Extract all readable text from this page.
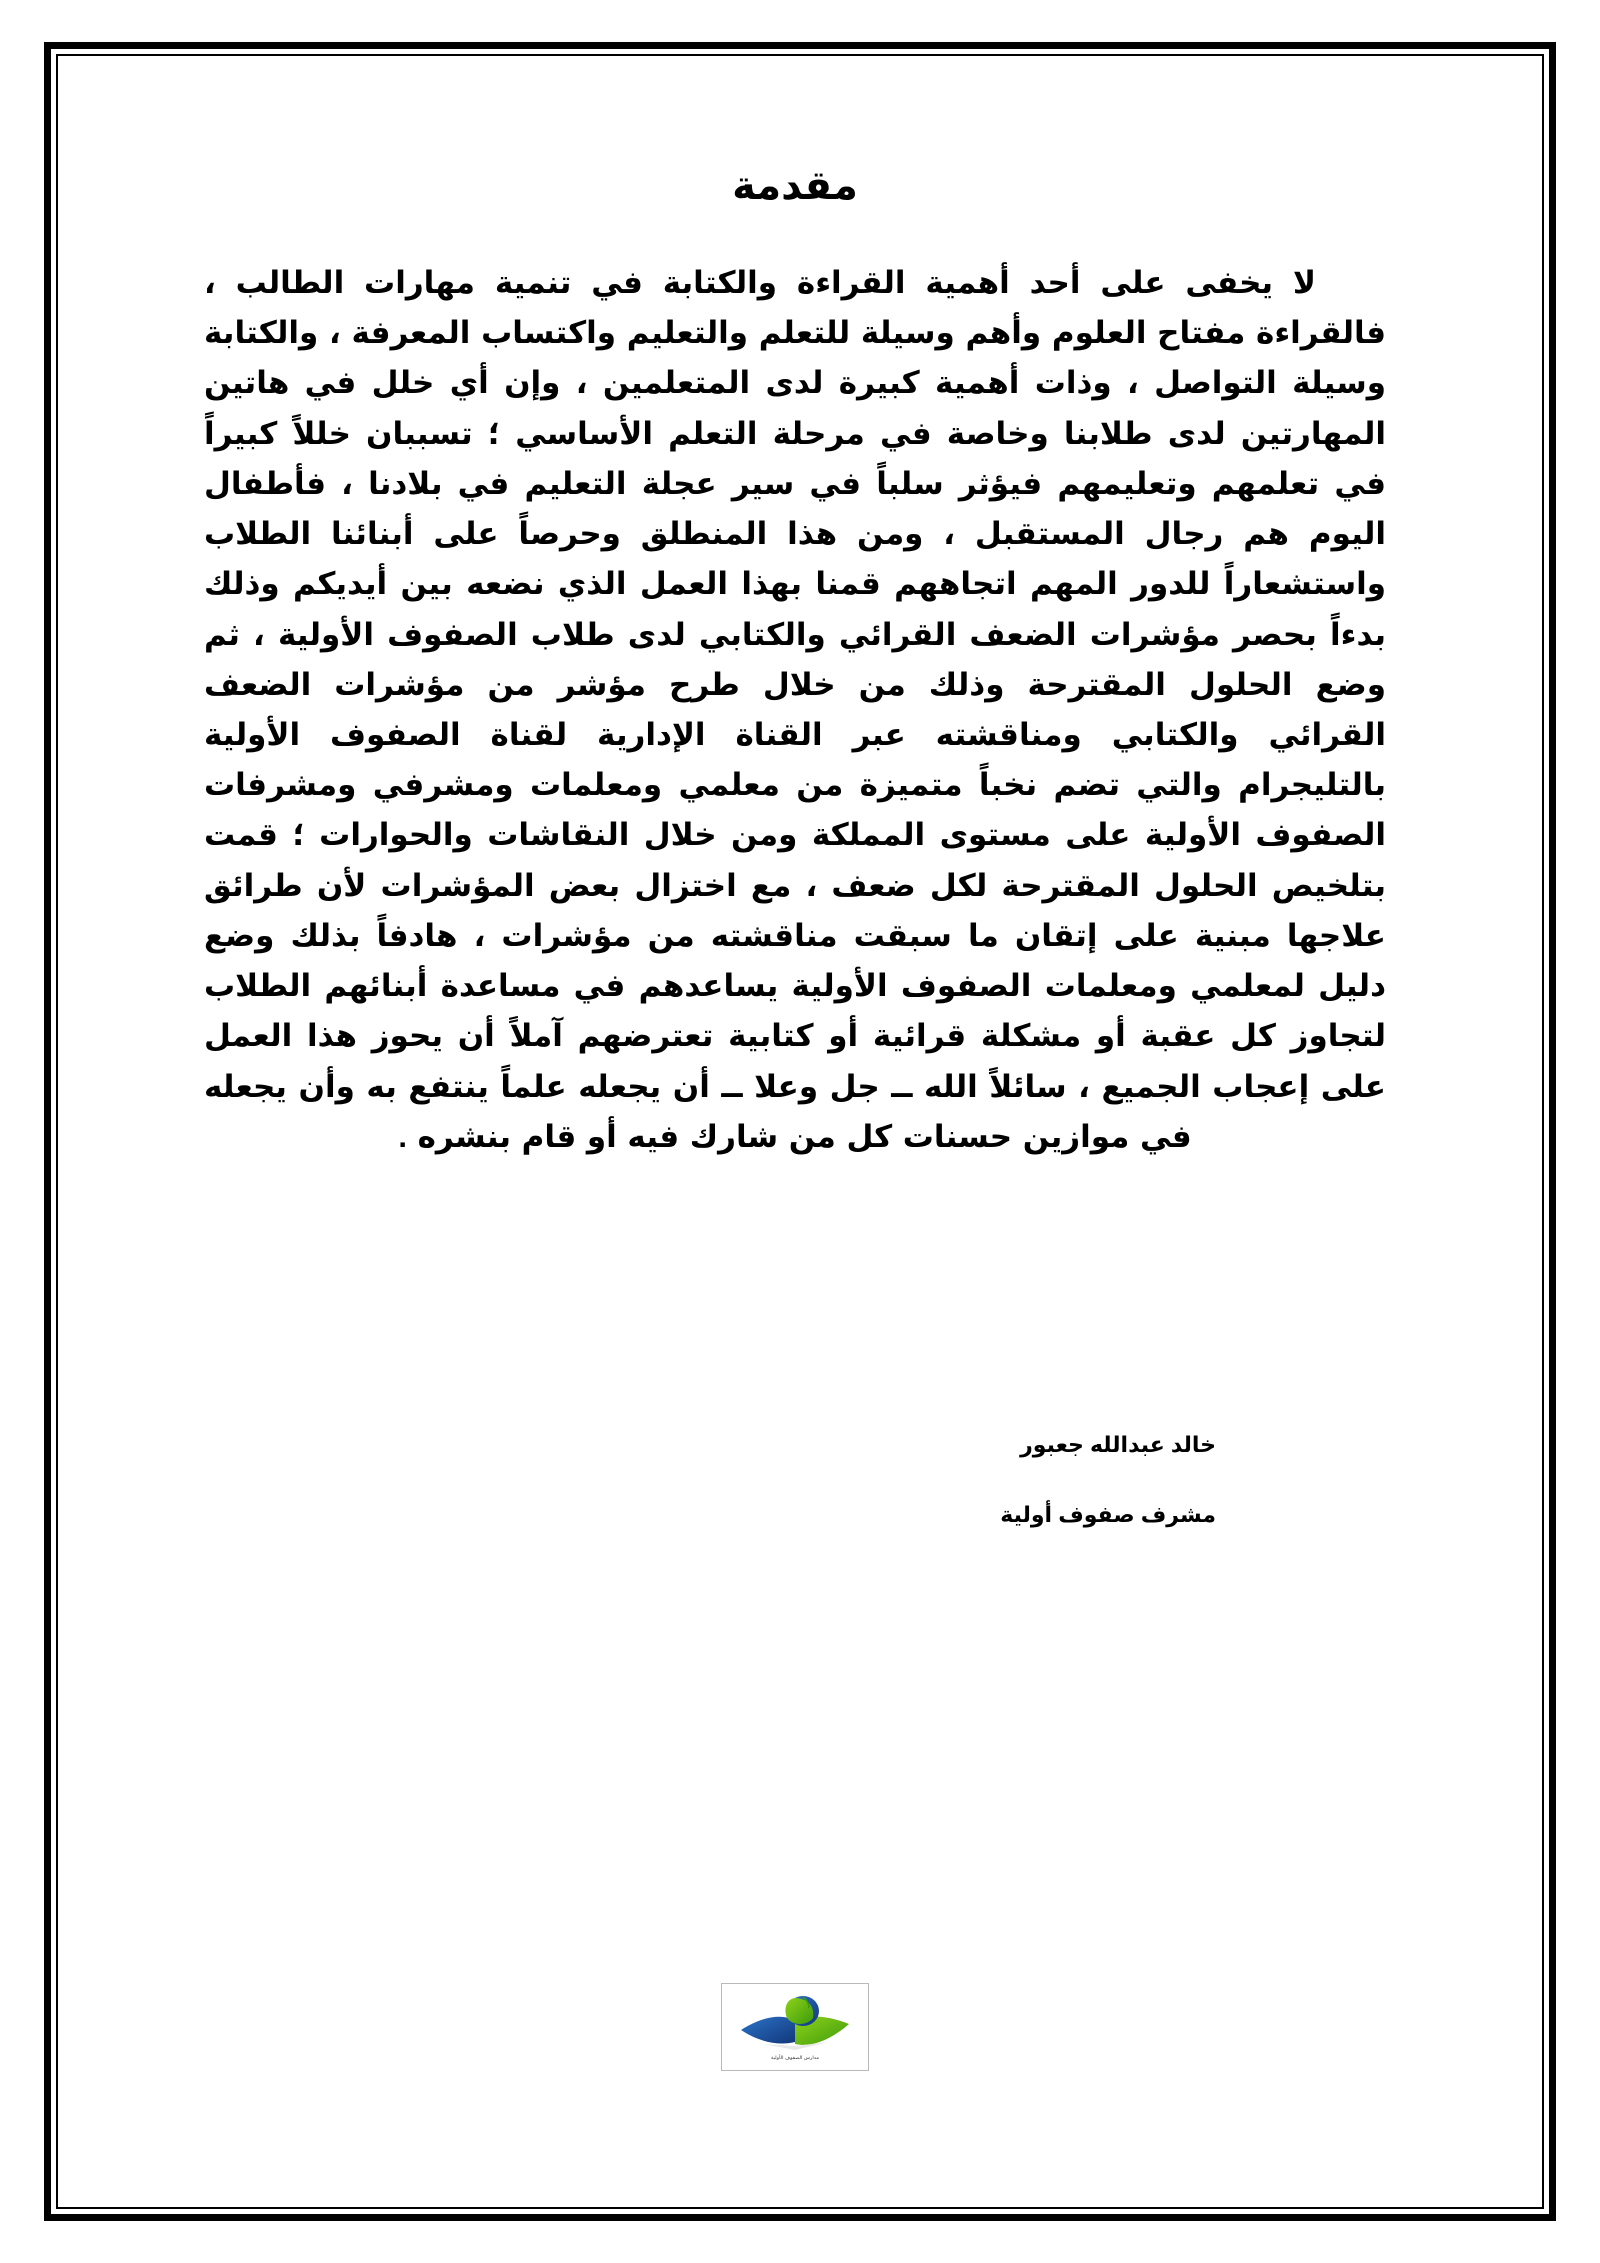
مقدمة

لا يخفى على أحد أهمية القراءة والكتابة في تنمية مهارات الطالب ، فالقراءة مفتاح العلوم وأهم وسيلة للتعلم والتعليم واكتساب المعرفة ، والكتابة وسيلة التواصل ، وذات أهمية كبيرة لدى المتعلمين ، وإن أي خلل في هاتين المهارتين لدى طلابنا وخاصة في مرحلة التعلم الأساسي ؛ تسببان خللاً كبيراً في تعلمهم وتعليمهم فيؤثر سلباً في سير عجلة التعليم في بلادنا ، فأطفال اليوم هم رجال المستقبل ، ومن هذا المنطلق وحرصاً على أبنائنا الطلاب واستشعاراً للدور المهم اتجاههم قمنا بهذا العمل الذي نضعه بين أيديكم وذلك بدءاً بحصر مؤشرات الضعف القرائي والكتابي لدى طلاب الصفوف الأولية ، ثم وضع الحلول المقترحة وذلك من خلال طرح مؤشر من مؤشرات الضعف القرائي والكتابي ومناقشته عبر القناة الإدارية لقناة الصفوف الأولية بالتليجرام والتي تضم نخباً متميزة من معلمي ومعلمات ومشرفي ومشرفات الصفوف الأولية على مستوى المملكة ومن خلال النقاشات والحوارات ؛ قمت بتلخيص الحلول المقترحة لكل ضعف ، مع اختزال بعض المؤشرات لأن طرائق علاجها مبنية على إتقان ما سبقت مناقشته من مؤشرات ، هادفاً بذلك وضع دليل لمعلمي ومعلمات الصفوف الأولية يساعدهم في مساعدة أبنائهم الطلاب لتجاوز كل عقبة أو مشكلة قرائية أو كتابية تعترضهم آملاً أن يحوز هذا العمل على إعجاب الجميع ، سائلاً الله ــ جل وعلا ــ أن يجعله علماً ينتفع به وأن يجعله في موازين حسنات كل من شارك فيه أو قام بنشره .

خالد عبدالله جعبور
مشرف صفوف أولية
مدارس الصفوف الأولية
